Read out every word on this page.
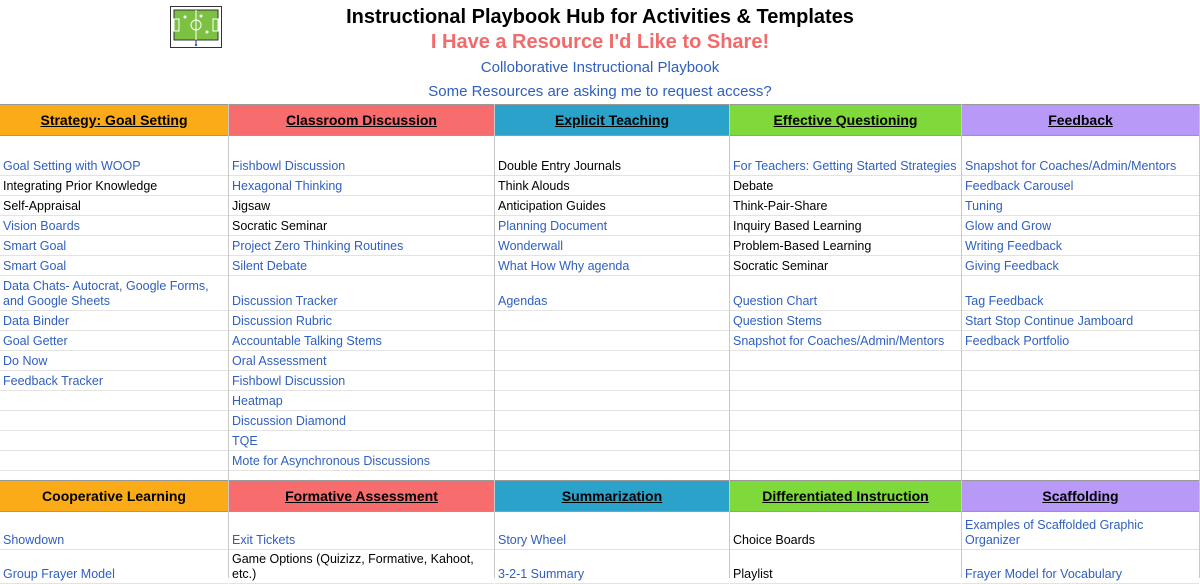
Instructional Playbook Hub for Activities & Templates
I Have a Resource I'd Like to Share!
Colloborative Instructional Playbook
Some Resources are asking me to request access?
Strategy: Goal Setting
Goal Setting with WOOP
Integrating Prior Knowledge
Self-Appraisal
Vision Boards
Smart Goal
Smart Goal
Data Chats- Autocrat, Google Forms, and Google Sheets
Data Binder
Goal Getter
Do Now
Feedback Tracker
Cooperative Learning
Showdown
Group Frayer Model
Classroom Discussion
Fishbowl Discussion
Hexagonal Thinking
Jigsaw
Socratic Seminar
Project Zero Thinking Routines
Silent Debate
Discussion Tracker
Discussion Rubric
Accountable Talking Stems
Oral Assessment
Fishbowl Discussion
Heatmap
Discussion Diamond
TQE
Mote for Asynchronous Discussions
Formative Assessment
Exit Tickets
Game Options (Quizizz, Formative, Kahoot, etc.)
Explicit Teaching
Double Entry Journals
Think Alouds
Anticipation Guides
Planning Document
Wonderwall
What How Why agenda
Agendas
Summarization
Story Wheel
3-2-1 Summary
Effective Questioning
For Teachers: Getting Started Strategies
Debate
Think-Pair-Share
Inquiry Based Learning
Problem-Based Learning
Socratic Seminar
Question Chart
Question Stems
Snapshot for Coaches/Admin/Mentors
Differentiated Instruction
Choice Boards
Playlist
Feedback
Snapshot for Coaches/Admin/Mentors
Feedback Carousel
Tuning
Glow and Grow
Writing Feedback
Giving Feedback
Tag Feedback
Start Stop Continue Jamboard
Feedback Portfolio
Scaffolding
Examples of Scaffolded Graphic Organizer
Frayer Model for Vocabulary
